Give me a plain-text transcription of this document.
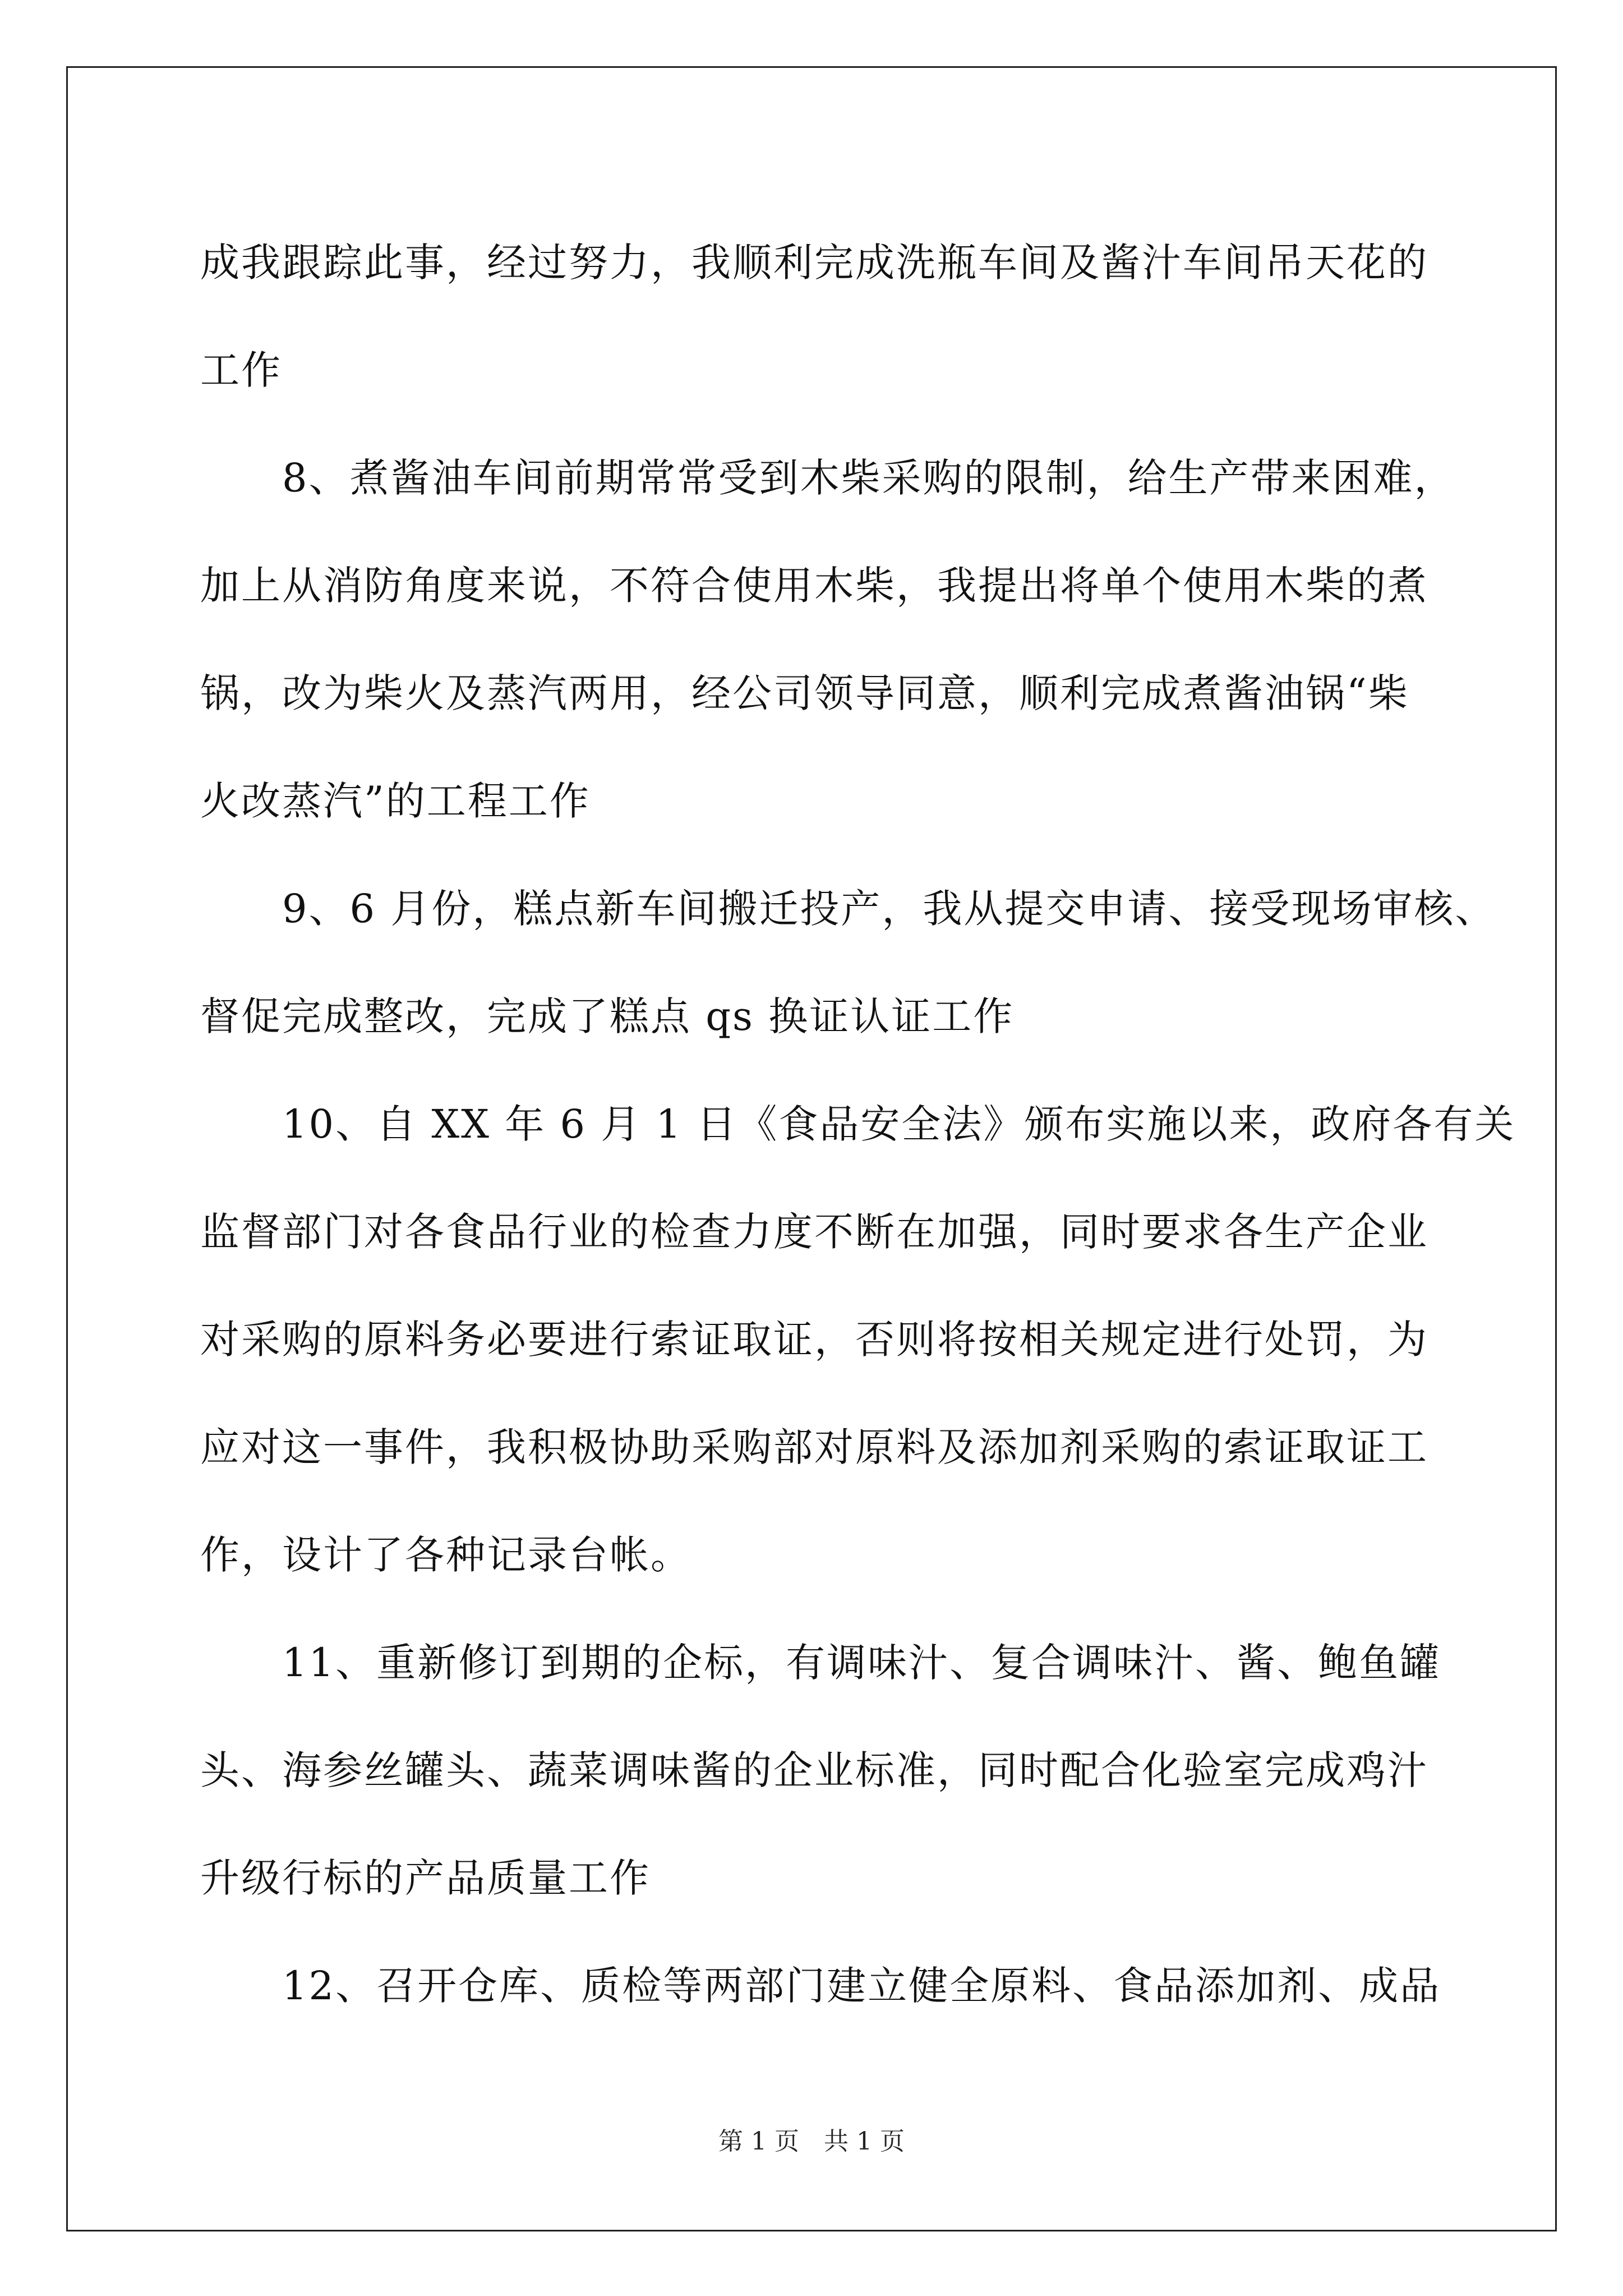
成我跟踪此事，经过努力，我顺利完成洗瓶车间及酱汁车间吊天花的
工作
　　8、煮酱油车间前期常常受到木柴采购的限制，给生产带来困难，
加上从消防角度来说，不符合使用木柴，我提出将单个使用木柴的煮
锅，改为柴火及蒸汽两用，经公司领导同意，顺利完成煮酱油锅“柴
火改蒸汽”的工程工作
　　9、6 月份，糕点新车间搬迁投产，我从提交申请、接受现场审核、
督促完成整改，完成了糕点 qs 换证认证工作
　　10、自 XX 年 6 月 1 日《食品安全法》颁布实施以来，政府各有关
监督部门对各食品行业的检查力度不断在加强，同时要求各生产企业
对采购的原料务必要进行索证取证，否则将按相关规定进行处罚，为
应对这一事件，我积极协助采购部对原料及添加剂采购的索证取证工
作，设计了各种记录台帐。
　　11、重新修订到期的企标，有调味汁、复合调味汁、酱、鲍鱼罐
头、海参丝罐头、蔬菜调味酱的企业标准，同时配合化验室完成鸡汁
升级行标的产品质量工作
　　12、召开仓库、质检等两部门建立健全原料、食品添加剂、成品
第 1 页　共 1 页
